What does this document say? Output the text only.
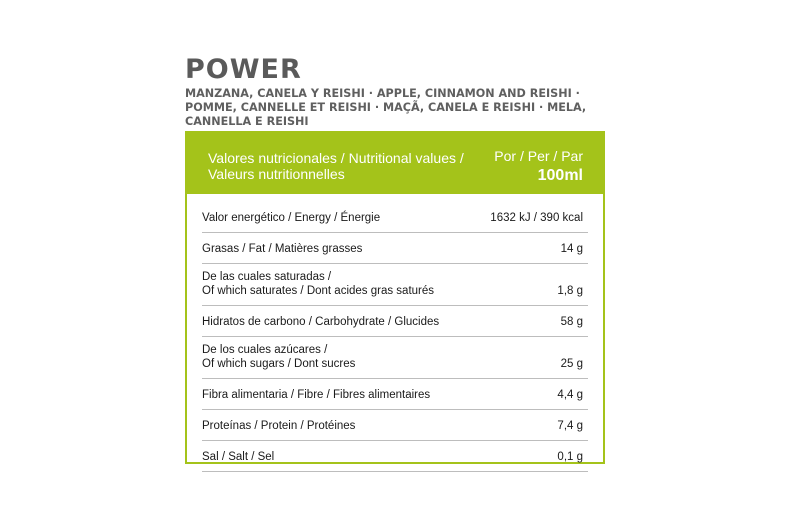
POWER
MANZANA, CANELA Y REISHI · APPLE, CINNAMON AND REISHI · POMME, CANNELLE ET REISHI · MAÇÃ, CANELA E REISHI · MELA, CANNELLA E REISHI
Valores nutricionales / Nutritional values / Valeurs nutritionnelles
Por / Per / Par
100ml
Valor energético / Energy / Énergie	1632 kJ / 390 kcal
Grasas / Fat / Matières grasses	14 g
De las cuales saturadas /
Of which saturates / Dont acides gras saturés	1,8 g
Hidratos de carbono / Carbohydrate / Glucides	58 g
De los cuales azúcares /
Of which sugars / Dont sucres	25 g
Fibra alimentaria / Fibre / Fibres alimentaires	4,4 g
Proteínas / Protein / Protéines	7,4 g
Sal / Salt / Sel	0,1 g
